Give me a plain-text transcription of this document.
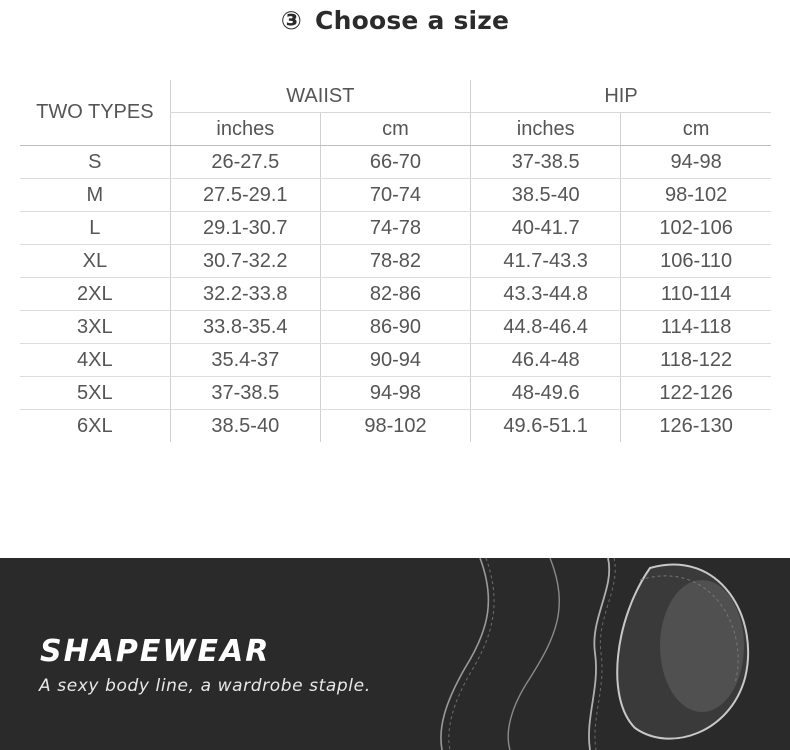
③ Choose a size
TWO TYPES	WAIIST		HIP	
	inches	cm	inches	cm
S	26-27.5	66-70	37-38.5	94-98
M	27.5-29.1	70-74	38.5-40	98-102
L	29.1-30.7	74-78	40-41.7	102-106
XL	30.7-32.2	78-82	41.7-43.3	106-110
2XL	32.2-33.8	82-86	43.3-44.8	110-114
3XL	33.8-35.4	86-90	44.8-46.4	114-118
4XL	35.4-37	90-94	46.4-48	118-122
5XL	37-38.5	94-98	48-49.6	122-126
6XL	38.5-40	98-102	49.6-51.1	126-130
SHAPEWEAR
A sexy body line, a wardrobe staple.
